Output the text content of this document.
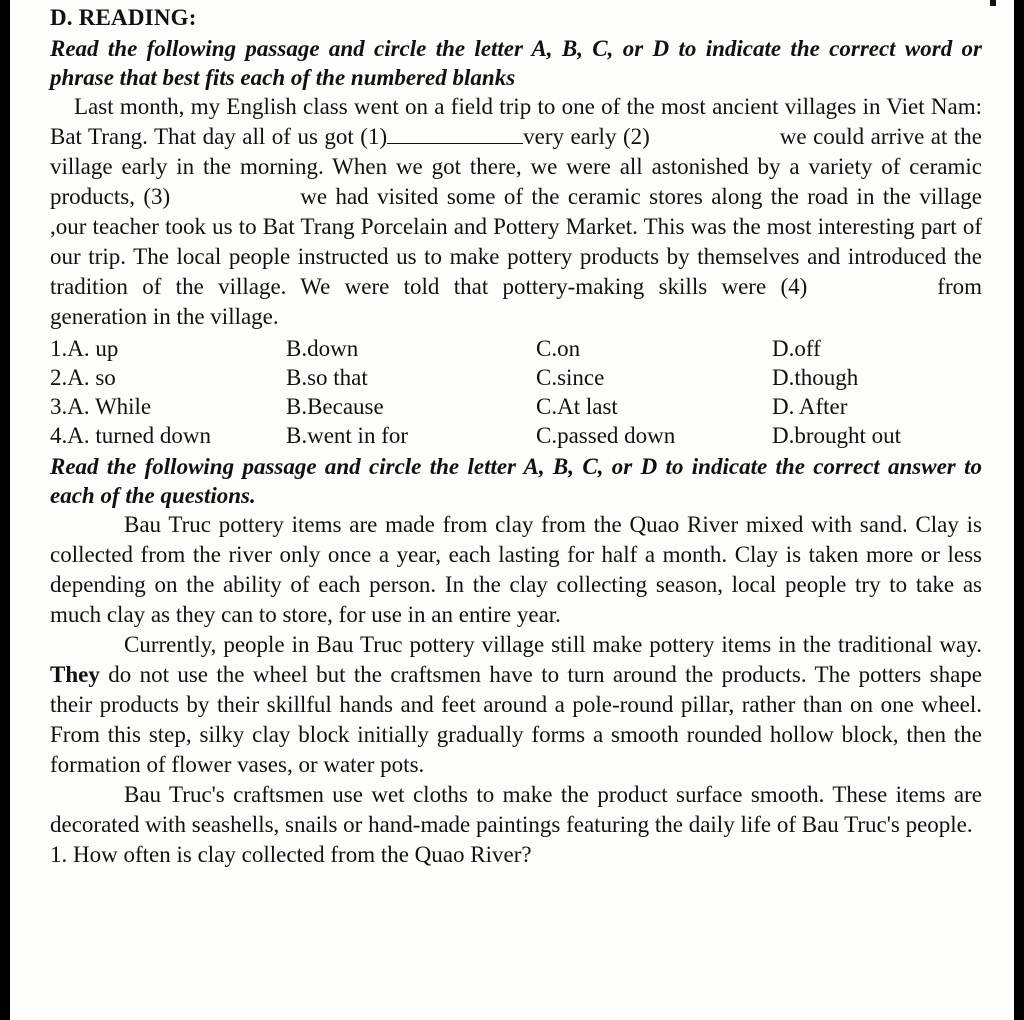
D. READING:

Read the following passage and circle the letter A, B, C, or D to indicate the correct word or phrase that best fits each of the numbered blanks

Last month, my English class went on a field trip to one of the most ancient villages in Viet Nam: Bat Trang. That day all of us got (1)	very early (2)	we could arrive at the village early in the morning. When we got there, we were all astonished by a variety of ceramic products, (3)	we had visited some of the ceramic stores along the road in the village ,our teacher took us to Bat Trang Porcelain and Pottery Market. This was the most interesting part of our trip. The local people instructed us to make pottery products by themselves and introduced the tradition of the village. We were told that pottery-making skills were (4)	from generation in the village.

1.A. up	B.down	C.on	D.off
2.A. so	B.so that	C.since	D.though
3.A. While	B.Because	C.At last	D. After
4.A. turned down	B.went in for	C.passed down	D.brought out

Read the following passage and circle the letter A, B, C, or D to indicate the correct answer to each of the questions.

Bau Truc pottery items are made from clay from the Quao River mixed with sand. Clay is collected from the river only once a year, each lasting for half a month. Clay is taken more or less depending on the ability of each person. In the clay collecting season, local people try to take as much clay as they can to store, for use in an entire year.

Currently, people in Bau Truc pottery village still make pottery items in the traditional way. They do not use the wheel but the craftsmen have to turn around the products. The potters shape their products by their skillful hands and feet around a pole-round pillar, rather than on one wheel. From this step, silky clay block initially gradually forms a smooth rounded hollow block, then the formation of flower vases, or water pots.

Bau Truc's craftsmen use wet cloths to make the product surface smooth. These items are decorated with seashells, snails or hand-made paintings featuring the daily life of Bau Truc's people.

1. How often is clay collected from the Quao River?
